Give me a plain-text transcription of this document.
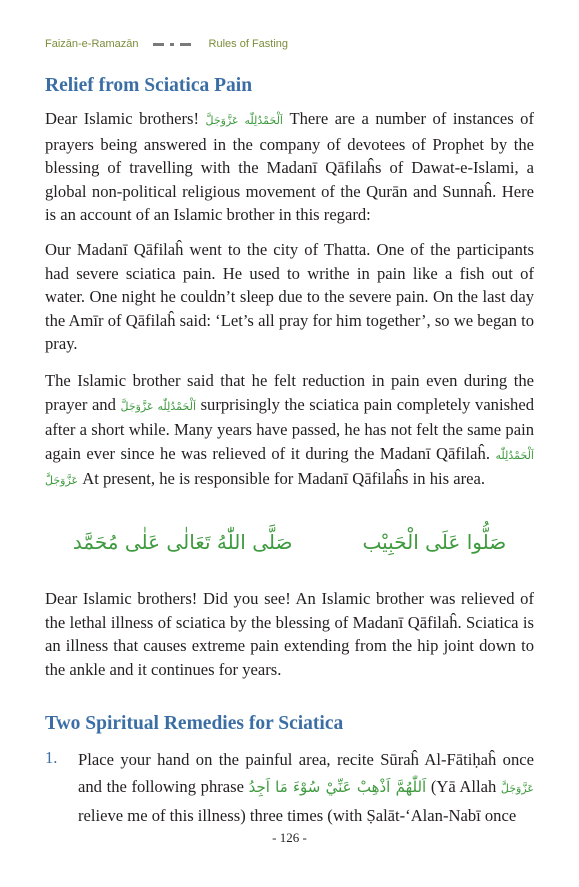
Faizān-e-Ramazān	Rules of Fasting
Relief from Sciatica Pain

Dear Islamic brothers! اَلْحَمْدُلِلّٰه عَزَّوَجَلَّ There are a number of instances of prayers being answered in the company of devotees of Prophet by the blessing of travelling with the Madanī Qāfilaĥs of Dawat-e-Islami, a global non-political religious movement of the Qurān and Sunnaĥ. Here is an account of an Islamic brother in this regard:

Our Madanī Qāfilaĥ went to the city of Thatta. One of the participants had severe sciatica pain. He used to writhe in pain like a fish out of water. One night he couldn’t sleep due to the severe pain. On the last day the Amīr of Qāfilaĥ said: ‘Let’s all pray for him together’, so we began to pray.

The Islamic brother said that he felt reduction in pain even during the prayer and اَلْحَمْدُلِلّٰه عَزَّوَجَلَّ surprisingly the sciatica pain completely vanished after a short while. Many years have passed, he has not felt the same pain again ever since he was relieved of it during the Madanī Qāfilaĥ. اَلْحَمْدُلِلّٰه عَزَّوَجَلَّ At present, he is responsible for Madanī Qāfilaĥs in his area.

صَلُّوا عَلَى الْحَبِيْب
صَلَّى اللّٰهُ تَعَالٰى عَلٰى مُحَمَّد

Dear Islamic brothers! Did you see! An Islamic brother was relieved of the lethal illness of sciatica by the blessing of Madanī Qāfilaĥ. Sciatica is an illness that causes extreme pain extending from the hip joint down to the ankle and it continues for years.

Two Spiritual Remedies for Sciatica
1. Place your hand on the painful area, recite Sūraĥ Al-Fātiḥaĥ once and the following phrase اَللّٰهُمَّ اَذْهِبْ عَنِّيْ سُوْءَ مَا اَجِدُ (Yā Allah عَزَّوَجَلَّ relieve me of this illness) three times (with Ṣalāt-‘Alan-Nabī once
- 126 -
